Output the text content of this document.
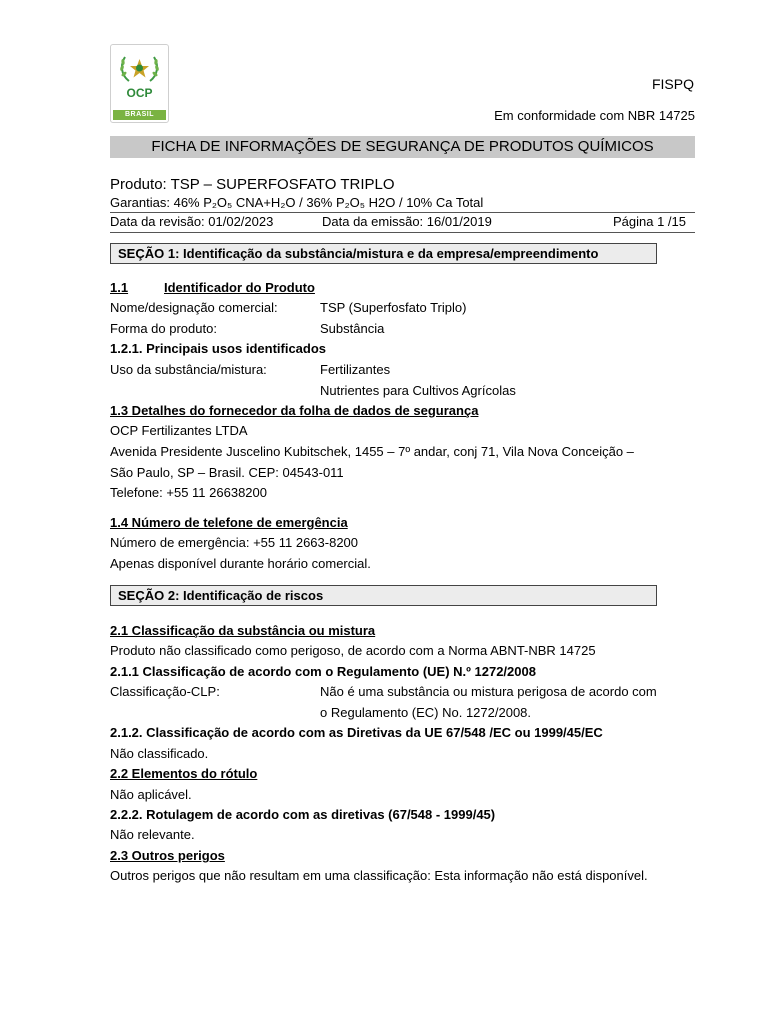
OCP
BRASIL
FISPQ
Em conformidade com NBR 14725
FICHA DE INFORMAÇÕES DE SEGURANÇA DE PRODUTOS QUÍMICOS
Produto: TSP – SUPERFOSFATO TRIPLO
Garantias: 46% P₂O₅ CNA+H₂O / 36% P₂O₅ H2O / 10% Ca Total
Data da revisão: 01/02/2023	Data da emissão: 16/01/2019	Página 1 /15
SEÇÃO 1: Identificação da substância/mistura e da empresa/empreendimento
1.1	Identificador do Produto
Nome/designação comercial:	TSP (Superfosfato Triplo)
Forma do produto:	Substância
1.2.1. Principais usos identificados
Uso da substância/mistura:	Fertilizantes
Nutrientes para Cultivos Agrícolas
1.3 Detalhes do fornecedor da folha de dados de segurança
OCP Fertilizantes LTDA
Avenida Presidente Juscelino Kubitschek, 1455 – 7º andar, conj 71, Vila Nova Conceição –
São Paulo, SP – Brasil. CEP: 04543-011
Telefone: +55 11 26638200
1.4 Número de telefone de emergência
Número de emergência: +55 11 2663-8200
Apenas disponível durante horário comercial.
SEÇÃO 2: Identificação de riscos
2.1 Classificação da substância ou mistura
Produto não classificado como perigoso, de acordo com a Norma ABNT-NBR 14725
2.1.1 Classificação de acordo com o Regulamento (UE) N.º 1272/2008
Classificação-CLP:	Não é uma substância ou mistura perigosa de acordo com
o Regulamento (EC) No. 1272/2008.
2.1.2. Classificação de acordo com as Diretivas da UE 67/548 /EC ou 1999/45/EC
Não classificado.
2.2 Elementos do rótulo
Não aplicável.
2.2.2. Rotulagem de acordo com as diretivas (67/548 - 1999/45)
Não relevante.
2.3 Outros perigos
Outros perigos que não resultam em uma classificação: Esta informação não está disponível.
